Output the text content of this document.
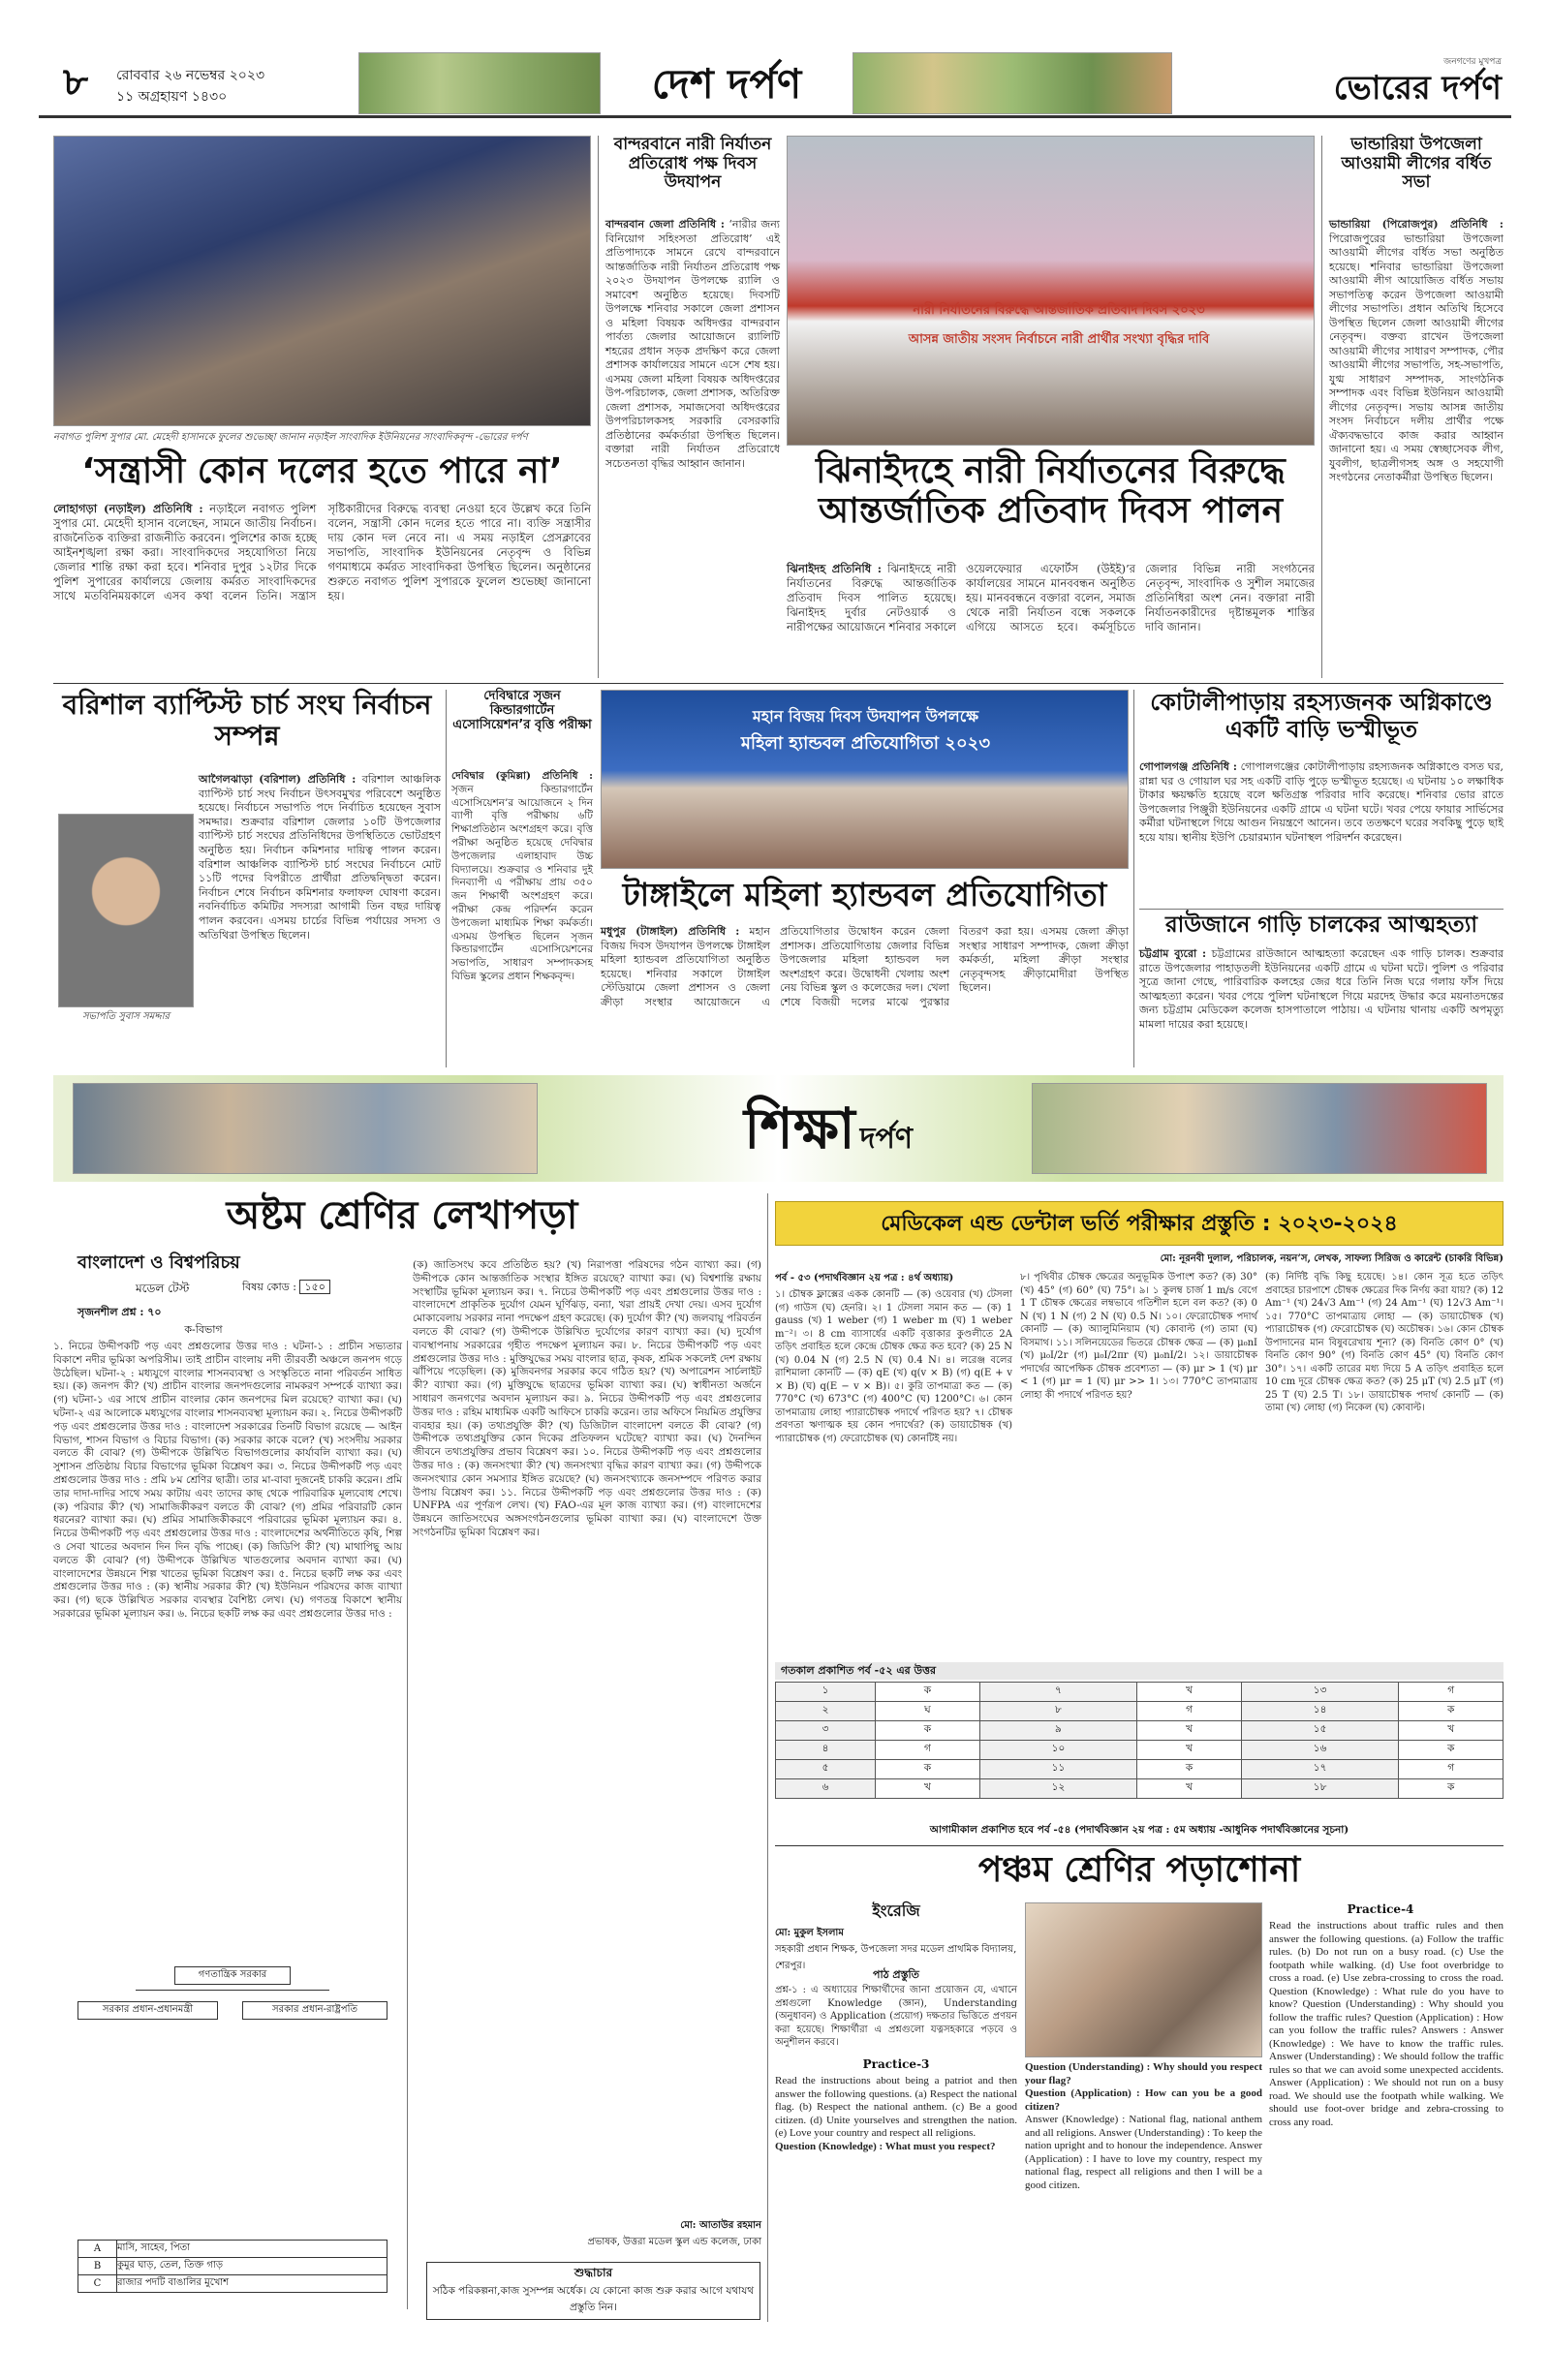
৮	রোববার ২৬ নভেম্বর ২০২৩
১১ অগ্রহায়ণ ১৪৩০	দেশ দর্পণ	জনগণের মুখপত্র
ভোরের দর্পণ
নবাগত পুলিশ সুপার মো. মেহেদী হাসানকে ফুলের শুভেচ্ছা জানান নড়াইল সাংবাদিক ইউনিয়নের সাংবাদিকবৃন্দ -ভোরের দর্পণ
‘সন্ত্রাসী কোন দলের হতে পারে না’
লোহাগড়া (নড়াইল) প্রতিনিধি : নড়াইলে নবাগত পুলিশ সুপার মো. মেহেদী হাসান বলেছেন, সামনে জাতীয় নির্বাচন। রাজনৈতিক ব্যক্তিরা রাজনীতি করবেন। পুলিশের কাজ হচ্ছে আইনশৃঙ্খলা রক্ষা করা। সাংবাদিকদের সহযোগিতা নিয়ে জেলার শান্তি রক্ষা করা হবে। শনিবার দুপুর ১২টার দিকে পুলিশ সুপারের কার্যালয়ে জেলায় কর্মরত সাংবাদিকদের সাথে মতবিনিময়কালে এসব কথা বলেন তিনি। সন্ত্রাস সৃষ্টিকারীদের বিরুদ্ধে ব্যবস্থা নেওয়া হবে উল্লেখ করে তিনি বলেন, সন্ত্রাসী কোন দলের হতে পারে না। ব্যক্তি সন্ত্রাসীর দায় কোন দল নেবে না। এ সময় নড়াইল প্রেসক্লাবের সভাপতি, সাংবাদিক ইউনিয়নের নেতৃবৃন্দ ও বিভিন্ন গণমাধ্যমে কর্মরত সাংবাদিকরা উপস্থিত ছিলেন। অনুষ্ঠানের শুরুতে নবাগত পুলিশ সুপারকে ফুলেল শুভেচ্ছা জানানো হয়।
বান্দরবানে নারী নির্যাতন প্রতিরোধ পক্ষ দিবস উদযাপন
বান্দরবান জেলা প্রতিনিধি : ‘নারীর জন্য বিনিয়োগ সহিংসতা প্রতিরোধ’ এই প্রতিপাদ্যকে সামনে রেখে বান্দরবানে আন্তর্জাতিক নারী নির্যাতন প্রতিরোধ পক্ষ ২০২৩ উদযাপন উপলক্ষে র‍্যালি ও সমাবেশ অনুষ্ঠিত হয়েছে। দিবসটি উপলক্ষে শনিবার সকালে জেলা প্রশাসন ও মহিলা বিষয়ক অধিদপ্তর বান্দরবান পার্বত্য জেলার আয়োজনে র‍্যালিটি শহরের প্রধান সড়ক প্রদক্ষিণ করে জেলা প্রশাসক কার্যালয়ের সামনে এসে শেষ হয়। এসময় জেলা মহিলা বিষয়ক অধিদপ্তরের উপ-পরিচালক, জেলা প্রশাসক, অতিরিক্ত জেলা প্রশাসক, সমাজসেবা অধিদপ্তরের উপপরিচালকসহ সরকারি বেসরকারি প্রতিষ্ঠানের কর্মকর্তারা উপস্থিত ছিলেন। বক্তারা নারী নির্যাতন প্রতিরোধে সচেতনতা বৃদ্ধির আহ্বান জানান।
নারী নির্যাতনের বিরুদ্ধে আন্তর্জাতিক প্রতিবাদ দিবস ২০২৩
আসন্ন জাতীয় সংসদ নির্বাচনে নারী প্রার্থীর সংখ্যা বৃদ্ধির দাবি
ঝিনাইদহে নারী নির্যাতনের বিরুদ্ধে আন্তর্জাতিক প্রতিবাদ দিবস পালন
ঝিনাইদহ প্রতিনিধি : ঝিনাইদহে নারী নির্যাতনের বিরুদ্ধে আন্তর্জাতিক প্রতিবাদ দিবস পালিত হয়েছে। ঝিনাইদহ দুর্বার নেটওয়ার্ক ও নারীপক্ষের আয়োজনে শনিবার সকালে ওয়েলফেয়ার এফোর্টস (উইই)’র কার্যালয়ের সামনে মানববন্ধন অনুষ্ঠিত হয়। মানববন্ধনে বক্তারা বলেন, সমাজ থেকে নারী নির্যাতন বন্ধে সকলকে এগিয়ে আসতে হবে। কর্মসূচিতে জেলার বিভিন্ন নারী সংগঠনের নেতৃবৃন্দ, সাংবাদিক ও সুশীল সমাজের প্রতিনিধিরা অংশ নেন। বক্তারা নারী নির্যাতনকারীদের দৃষ্টান্তমূলক শাস্তির দাবি জানান।
ভান্ডারিয়া উপজেলা আওয়ামী লীগের বর্ধিত সভা
ভান্ডারিয়া (পিরোজপুর) প্রতিনিধি : পিরোজপুরের ভান্ডারিয়া উপজেলা আওয়ামী লীগের বর্ধিত সভা অনুষ্ঠিত হয়েছে। শনিবার ভান্ডারিয়া উপজেলা আওয়ামী লীগ আয়োজিত বর্ধিত সভায় সভাপতিত্ব করেন উপজেলা আওয়ামী লীগের সভাপতি। প্রধান অতিথি হিসেবে উপস্থিত ছিলেন জেলা আওয়ামী লীগের নেতৃবৃন্দ। বক্তব্য রাখেন উপজেলা আওয়ামী লীগের সাধারণ সম্পাদক, পৌর আওয়ামী লীগের সভাপতি, সহ-সভাপতি, যুগ্ম সাধারণ সম্পাদক, সাংগঠনিক সম্পাদক এবং বিভিন্ন ইউনিয়ন আওয়ামী লীগের নেতৃবৃন্দ। সভায় আসন্ন জাতীয় সংসদ নির্বাচনে দলীয় প্রার্থীর পক্ষে ঐক্যবদ্ধভাবে কাজ করার আহ্বান জানানো হয়। এ সময় স্বেচ্ছাসেবক লীগ, যুবলীগ, ছাত্রলীগসহ অঙ্গ ও সহযোগী সংগঠনের নেতাকর্মীরা উপস্থিত ছিলেন।
বরিশাল ব্যাপ্টিস্ট চার্চ সংঘ নির্বাচন সম্পন্ন
সভাপতি সুবাস সমদ্দার
আগৈলঝাড়া (বরিশাল) প্রতিনিধি : বরিশাল আঞ্চলিক ব্যাপ্টিস্ট চার্চ সংঘ নির্বাচন উৎসবমুখর পরিবেশে অনুষ্ঠিত হয়েছে। নির্বাচনে সভাপতি পদে নির্বাচিত হয়েছেন সুবাস সমদ্দার। শুক্রবার বরিশাল জেলার ১০টি উপজেলার ব্যাপ্টিস্ট চার্চ সংঘের প্রতিনিধিদের উপস্থিতিতে ভোটগ্রহণ অনুষ্ঠিত হয়। নির্বাচন কমিশনার দায়িত্ব পালন করেন। বরিশাল আঞ্চলিক ব্যাপ্টিস্ট চার্চ সংঘের নির্বাচনে মোট ১১টি পদের বিপরীতে প্রার্থীরা প্রতিদ্বন্দ্বিতা করেন। নির্বাচন শেষে নির্বাচন কমিশনার ফলাফল ঘোষণা করেন। নবনির্বাচিত কমিটির সদস্যরা আগামী তিন বছর দায়িত্ব পালন করবেন। এসময় চার্চের বিভিন্ন পর্যায়ের সদস্য ও অতিথিরা উপস্থিত ছিলেন।
দেবিদ্বারে সৃজন কিন্ডারগার্টেন এসোসিয়েশন’র বৃত্তি পরীক্ষা
দেবিদ্বার (কুমিল্লা) প্রতিনিধি : সৃজন কিন্ডারগার্টেন এসোসিয়েশন’র আয়োজনে ২ দিন ব্যাপী বৃত্তি পরীক্ষায় ৬টি শিক্ষাপ্রতিষ্ঠান অংশগ্রহণ করে। বৃত্তি পরীক্ষা অনুষ্ঠিত হয়েছে দেবিদ্বার উপজেলার এলাহাবাদ উচ্চ বিদ্যালয়ে। শুক্রবার ও শনিবার দুই দিনব্যাপী এ পরীক্ষায় প্রায় ৩৫০ জন শিক্ষার্থী অংশগ্রহণ করে। পরীক্ষা কেন্দ্র পরিদর্শন করেন উপজেলা মাধ্যমিক শিক্ষা কর্মকর্তা। এসময় উপস্থিত ছিলেন সৃজন কিন্ডারগার্টেন এসোসিয়েশনের সভাপতি, সাধারণ সম্পাদকসহ বিভিন্ন স্কুলের প্রধান শিক্ষকবৃন্দ।
মহান বিজয় দিবস উদযাপন উপলক্ষে
মহিলা হ্যান্ডবল প্রতিযোগিতা ২০২৩
টাঙ্গাইলে মহিলা হ্যান্ডবল প্রতিযোগিতা
মধুপুর (টাঙ্গাইল) প্রতিনিধি : মহান বিজয় দিবস উদযাপন উপলক্ষে টাঙ্গাইল মহিলা হ্যান্ডবল প্রতিযোগিতা অনুষ্ঠিত হয়েছে। শনিবার সকালে টাঙ্গাইল স্টেডিয়ামে জেলা প্রশাসন ও জেলা ক্রীড়া সংস্থার আয়োজনে এ প্রতিযোগিতার উদ্বোধন করেন জেলা প্রশাসক। প্রতিযোগিতায় জেলার বিভিন্ন উপজেলার মহিলা হ্যান্ডবল দল অংশগ্রহণ করে। উদ্বোধনী খেলায় অংশ নেয় বিভিন্ন স্কুল ও কলেজের দল। খেলা শেষে বিজয়ী দলের মাঝে পুরস্কার বিতরণ করা হয়। এসময় জেলা ক্রীড়া সংস্থার সাধারণ সম্পাদক, জেলা ক্রীড়া কর্মকর্তা, মহিলা ক্রীড়া সংস্থার নেতৃবৃন্দসহ ক্রীড়ামোদীরা উপস্থিত ছিলেন।
কোটালীপাড়ায় রহস্যজনক অগ্নিকাণ্ডে একটি বাড়ি ভস্মীভূত
গোপালগঞ্জ প্রতিনিধি : গোপালগঞ্জের কোটালীপাড়ায় রহস্যজনক অগ্নিকাণ্ডে বসত ঘর, রান্না ঘর ও গোয়াল ঘর সহ একটি বাড়ি পুড়ে ভস্মীভূত হয়েছে। এ ঘটনায় ১০ লক্ষাধিক টাকার ক্ষয়ক্ষতি হয়েছে বলে ক্ষতিগ্রস্ত পরিবার দাবি করেছে। শনিবার ভোর রাতে উপজেলার পিঞ্জুরী ইউনিয়নের একটি গ্রামে এ ঘটনা ঘটে। খবর পেয়ে ফায়ার সার্ভিসের কর্মীরা ঘটনাস্থলে গিয়ে আগুন নিয়ন্ত্রণে আনেন। তবে ততক্ষণে ঘরের সবকিছু পুড়ে ছাই হয়ে যায়। স্থানীয় ইউপি চেয়ারম্যান ঘটনাস্থল পরিদর্শন করেছেন।
রাউজানে গাড়ি চালকের আত্মহত্যা
চট্টগ্রাম ব্যুরো : চট্টগ্রামের রাউজানে আত্মহত্যা করেছেন এক গাড়ি চালক। শুক্রবার রাতে উপজেলার পাহাড়তলী ইউনিয়নের একটি গ্রামে এ ঘটনা ঘটে। পুলিশ ও পরিবার সূত্রে জানা গেছে, পারিবারিক কলহের জের ধরে তিনি নিজ ঘরে গলায় ফাঁস দিয়ে আত্মহত্যা করেন। খবর পেয়ে পুলিশ ঘটনাস্থলে গিয়ে মরদেহ উদ্ধার করে ময়নাতদন্তের জন্য চট্টগ্রাম মেডিকেল কলেজ হাসপাতালে পাঠায়। এ ঘটনায় থানায় একটি অপমৃত্যু মামলা দায়ের করা হয়েছে।
শিক্ষা দর্পণ
অষ্টম শ্রেণির লেখাপড়া
বাংলাদেশ ও বিশ্বপরিচয়
মডেল টেস্ট	বিষয় কোড : ১৫০
সৃজনশীল প্রশ্ন : ৭০
ক-বিভাগ
১. নিচের উদ্দীপকটি পড় এবং প্রশ্নগুলোর উত্তর দাও : ঘটনা-১ : প্রাচীন সভ্যতার বিকাশে নদীর ভূমিকা অপরিসীম। তাই প্রাচীন বাংলায় নদী তীরবর্তী অঞ্চলে জনপদ গড়ে উঠেছিল। ঘটনা-২ : মধ্যযুগে বাংলার শাসনব্যবস্থা ও সংস্কৃতিতে নানা পরিবর্তন সাধিত হয়। (ক) জনপদ কী? (খ) প্রাচীন বাংলার জনপদগুলোর নামকরণ সম্পর্কে ব্যাখ্যা কর। (গ) ঘটনা-১ এর সাথে প্রাচীন বাংলার কোন জনপদের মিল রয়েছে? ব্যাখ্যা কর। (ঘ) ঘটনা-২ এর আলোকে মধ্যযুগের বাংলার শাসনব্যবস্থা মূল্যায়ন কর। ২. নিচের উদ্দীপকটি পড় এবং প্রশ্নগুলোর উত্তর দাও : বাংলাদেশ সরকারের তিনটি বিভাগ রয়েছে — আইন বিভাগ, শাসন বিভাগ ও বিচার বিভাগ। (ক) সরকার কাকে বলে? (খ) সংসদীয় সরকার বলতে কী বোঝ? (গ) উদ্দীপকে উল্লিখিত বিভাগগুলোর কার্যাবলি ব্যাখ্যা কর। (ঘ) সুশাসন প্রতিষ্ঠায় বিচার বিভাগের ভূমিকা বিশ্লেষণ কর। ৩. নিচের উদ্দীপকটি পড় এবং প্রশ্নগুলোর উত্তর দাও : প্রমি ৮ম শ্রেণির ছাত্রী। তার মা-বাবা দুজনেই চাকরি করেন। প্রমি তার দাদা-দাদির সাথে সময় কাটায় এবং তাদের কাছ থেকে পারিবারিক মূল্যবোধ শেখে। (ক) পরিবার কী? (খ) সামাজিকীকরণ বলতে কী বোঝ? (গ) প্রমির পরিবারটি কোন ধরনের? ব্যাখ্যা কর। (ঘ) প্রমির সামাজিকীকরণে পরিবারের ভূমিকা মূল্যায়ন কর। ৪. নিচের উদ্দীপকটি পড় এবং প্রশ্নগুলোর উত্তর দাও : বাংলাদেশের অর্থনীতিতে কৃষি, শিল্প ও সেবা খাতের অবদান দিন দিন বৃদ্ধি পাচ্ছে। (ক) জিডিপি কী? (খ) মাথাপিছু আয় বলতে কী বোঝ? (গ) উদ্দীপকে উল্লিখিত খাতগুলোর অবদান ব্যাখ্যা কর। (ঘ) বাংলাদেশের উন্নয়নে শিল্প খাতের ভূমিকা বিশ্লেষণ কর। ৫. নিচের ছকটি লক্ষ কর এবং প্রশ্নগুলোর উত্তর দাও : (ক) স্থানীয় সরকার কী? (খ) ইউনিয়ন পরিষদের কাজ ব্যাখ্যা কর। (গ) ছকে উল্লিখিত সরকার ব্যবস্থার বৈশিষ্ট্য লেখ। (ঘ) গণতন্ত্র বিকাশে স্থানীয় সরকারের ভূমিকা মূল্যায়ন কর। ৬. নিচের ছকটি লক্ষ কর এবং প্রশ্নগুলোর উত্তর দাও :
গণতান্ত্রিক সরকার
সরকার প্রধান-প্রধানমন্ত্রী	সরকার প্রধান-রাষ্ট্রপতি
A	মাসি, সাহেব, পিতা
B	কুমুর ঘাড়, তেল, তিক্ত গাড়
C	রাজার পদটি বাঙালির মুখোশ
(ক) জাতিসংঘ কবে প্রতিষ্ঠিত হয়? (খ) নিরাপত্তা পরিষদের গঠন ব্যাখ্যা কর। (গ) উদ্দীপকে কোন আন্তর্জাতিক সংস্থার ইঙ্গিত রয়েছে? ব্যাখ্যা কর। (ঘ) বিশ্বশান্তি রক্ষায় সংস্থাটির ভূমিকা মূল্যায়ন কর। ৭. নিচের উদ্দীপকটি পড় এবং প্রশ্নগুলোর উত্তর দাও : বাংলাদেশে প্রাকৃতিক দুর্যোগ যেমন ঘূর্ণিঝড়, বন্যা, খরা প্রায়ই দেখা দেয়। এসব দুর্যোগ মোকাবেলায় সরকার নানা পদক্ষেপ গ্রহণ করেছে। (ক) দুর্যোগ কী? (খ) জলবায়ু পরিবর্তন বলতে কী বোঝ? (গ) উদ্দীপকে উল্লিখিত দুর্যোগের কারণ ব্যাখ্যা কর। (ঘ) দুর্যোগ ব্যবস্থাপনায় সরকারের গৃহীত পদক্ষেপ মূল্যায়ন কর। ৮. নিচের উদ্দীপকটি পড় এবং প্রশ্নগুলোর উত্তর দাও : মুক্তিযুদ্ধের সময় বাংলার ছাত্র, কৃষক, শ্রমিক সকলেই দেশ রক্ষায় ঝাঁপিয়ে পড়েছিল। (ক) মুজিবনগর সরকার কবে গঠিত হয়? (খ) অপারেশন সার্চলাইট কী? ব্যাখ্যা কর। (গ) মুক্তিযুদ্ধে ছাত্রদের ভূমিকা ব্যাখ্যা কর। (ঘ) স্বাধীনতা অর্জনে সাধারণ জনগণের অবদান মূল্যায়ন কর। ৯. নিচের উদ্দীপকটি পড় এবং প্রশ্নগুলোর উত্তর দাও : রহিম মাধ্যমিক একটি আফিসে চাকরি করেন। তার অফিসে নিয়মিত প্রযুক্তির ব্যবহার হয়। (ক) তথ্যপ্রযুক্তি কী? (খ) ডিজিটাল বাংলাদেশ বলতে কী বোঝ? (গ) উদ্দীপকে তথ্যপ্রযুক্তির কোন দিকের প্রতিফলন ঘটেছে? ব্যাখ্যা কর। (ঘ) দৈনন্দিন জীবনে তথ্যপ্রযুক্তির প্রভাব বিশ্লেষণ কর। ১০. নিচের উদ্দীপকটি পড় এবং প্রশ্নগুলোর উত্তর দাও : (ক) জনসংখ্যা কী? (খ) জনসংখ্যা বৃদ্ধির কারণ ব্যাখ্যা কর। (গ) উদ্দীপকে জনসংখ্যার কোন সমস্যার ইঙ্গিত রয়েছে? (ঘ) জনসংখ্যাকে জনসম্পদে পরিণত করার উপায় বিশ্লেষণ কর। ১১. নিচের উদ্দীপকটি পড় এবং প্রশ্নগুলোর উত্তর দাও : (ক) UNFPA এর পূর্ণরূপ লেখ। (খ) FAO-এর মূল কাজ ব্যাখ্যা কর। (গ) বাংলাদেশের উন্নয়নে জাতিসংঘের অঙ্গসংগঠনগুলোর ভূমিকা ব্যাখ্যা কর। (ঘ) বাংলাদেশে উক্ত সংগঠনটির ভূমিকা বিশ্লেষণ কর।
মো: আতাউর রহমান
প্রভাষক, উত্তরা মডেল স্কুল এন্ড কলেজ, ঢাকা
শুদ্ধাচার
সঠিক পরিকল্পনা,কাজ সুসম্পন্ন অর্ধেক। যে কোনো কাজ শুরু করার আগে যথাযথ প্রস্তুতি নিন।
মেডিকেল এন্ড ডেন্টাল ভর্তি পরীক্ষার প্রস্তুতি : ২০২৩-২০২৪
মো: নূরনবী দুলাল, পরিচালক, নয়ন’স, লেখক, সাফল্য সিরিজ ও কারেন্ট (চাকরি বিভিন্ন)
পর্ব - ৫৩ (পদার্থবিজ্ঞান ২য় পত্র : ৪র্থ অধ্যায়)
১। চৌম্বক ফ্লাক্সের একক কোনটি — (ক) ওয়েবার (খ) টেসলা (গ) গাউস (ঘ) হেনরি। ২। 1 টেসলা সমান কত — (ক) 1 gauss (খ) 1 weber (গ) 1 weber m (ঘ) 1 weber m⁻²। ৩। 8 cm ব্যাসার্ধের একটি বৃত্তাকার কুণ্ডলীতে 2A তড়িৎ প্রবাহিত হলে কেন্দ্রে চৌম্বক ক্ষেত্র কত হবে? (ক) 25 N (খ) 0.04 N (গ) 2.5 N (ঘ) 0.4 N। ৪। লরেঞ্জ বলের রাশিমালা কোনটি — (ক) qE (খ) q(v × B) (গ) q(E + v × B) (ঘ) q(E − v × B)। ৫। কুরি তাপমাত্রা কত — (ক) 770°C (খ) 673°C (গ) 400°C (ঘ) 1200°C। ৬। কোন তাপমাত্রায় লোহা প্যারাচৌম্বক পদার্থে পরিণত হয়? ৭। চৌম্বক প্রবণতা ঋণাত্মক হয় কোন পদার্থের? (ক) ডায়াচৌম্বক (খ) প্যারাচৌম্বক (গ) ফেরোচৌম্বক (ঘ) কোনটিই নয়।
৮। পৃথিবীর চৌম্বক ক্ষেত্রের অনুভূমিক উপাংশ কত? (ক) 30° (খ) 45° (গ) 60° (ঘ) 75°। ৯। ১ কুলম্ব চার্জ 1 m/s বেগে 1 T চৌম্বক ক্ষেত্রের লম্বভাবে গতিশীল হলে বল কত? (ক) 0 N (খ) 1 N (গ) 2 N (ঘ) 0.5 N। ১০। ফেরোচৌম্বক পদার্থ কোনটি — (ক) অ্যালুমিনিয়াম (খ) কোবাল্ট (গ) তামা (ঘ) বিসমাথ। ১১। সলিনয়েডের ভিতরে চৌম্বক ক্ষেত্র — (ক) μ₀nI (খ) μ₀I/2r (গ) μ₀I/2πr (ঘ) μ₀nI/2। ১২। ডায়াচৌম্বক পদার্থের আপেক্ষিক চৌম্বক প্রবেশ্যতা — (ক) μr > 1 (খ) μr < 1 (গ) μr = 1 (ঘ) μr >> 1। ১৩। 770°C তাপমাত্রায় লোহা কী পদার্থে পরিণত হয়?
(ক) নির্দিষ্ট বৃদ্ধি কিছু হয়েছে। ১৪। কোন সূত্র হতে তড়িৎ প্রবাহের চারপাশে চৌম্বক ক্ষেত্রের দিক নির্ণয় করা যায়? (ক) 12 Am⁻¹ (খ) 24√3 Am⁻¹ (গ) 24 Am⁻¹ (ঘ) 12√3 Am⁻¹। ১৫। 770°C তাপমাত্রায় লোহা — (ক) ডায়াচৌম্বক (খ) প্যারাচৌম্বক (গ) ফেরোচৌম্বক (ঘ) অচৌম্বক। ১৬। কোন চৌম্বক উপাদানের মান বিষুবরেখায় শূন্য? (ক) বিনতি কোণ 0° (খ) বিনতি কোণ 90° (গ) বিনতি কোণ 45° (ঘ) বিনতি কোণ 30°। ১৭। একটি তারের মধ্য দিয়ে 5 A তড়িৎ প্রবাহিত হলে 10 cm দূরে চৌম্বক ক্ষেত্র কত? (ক) 25 μT (খ) 2.5 μT (গ) 25 T (ঘ) 2.5 T। ১৮। ডায়াচৌম্বক পদার্থ কোনটি — (ক) তামা (খ) লোহা (গ) নিকেল (ঘ) কোবাল্ট।
গতকাল প্রকাশিত পর্ব -৫২ এর উত্তর
১	ক	৭	খ	১৩	গ
২	ঘ	৮	গ	১৪	ক
৩	ক	৯	খ	১৫	খ
৪	গ	১০	খ	১৬	ক
৫	ক	১১	ক	১৭	গ
৬	খ	১২	খ	১৮	ক
আগামীকাল প্রকাশিত হবে পর্ব -৫৪ (পদার্থবিজ্ঞান ২য় পত্র : ৫ম অধ্যায় -আধুনিক পদার্থবিজ্ঞানের সূচনা)
পঞ্চম শ্রেণির পড়াশোনা
ইংরেজি
মো: মুকুল ইসলাম
সহকারী প্রধান শিক্ষক, উপজেলা সদর মডেল প্রাথমিক বিদ্যালয়, শেরপুর।
পাঠ প্রস্তুতি
প্রশ্ন-১ : এ অধ্যায়ের শিক্ষার্থীদের জানা প্রয়োজন যে, এখানে প্রশ্নগুলো Knowledge (জ্ঞান), Understanding (অনুধাবন) ও Application (প্রয়োগ) দক্ষতার ভিত্তিতে প্রণয়ন করা হয়েছে। শিক্ষার্থীরা এ প্রশ্নগুলো যত্নসহকারে পড়বে ও অনুশীলন করবে।
Practice-3
Read the instructions about being a patriot and then answer the following questions. (a) Respect the national flag. (b) Respect the national anthem. (c) Be a good citizen. (d) Unite yourselves and strengthen the nation. (e) Love your country and respect all religions.
Question (Knowledge) : What must you respect?
Question (Understanding) : Why should you respect your flag?
Question (Application) : How can you be a good citizen?
Answer (Knowledge) : National flag, national anthem and all religions. Answer (Understanding) : To keep the nation upright and to honour the independence. Answer (Application) : I have to love my country, respect my national flag, respect all religions and then I will be a good citizen.
Practice-4
Read the instructions about traffic rules and then answer the following questions. (a) Follow the traffic rules. (b) Do not run on a busy road. (c) Use the footpath while walking. (d) Use foot overbridge to cross a road. (e) Use zebra-crossing to cross the road. Question (Knowledge) : What rule do you have to know? Question (Understanding) : Why should you follow the traffic rules? Question (Application) : How can you follow the traffic rules? Answers : Answer (Knowledge) : We have to know the traffic rules. Answer (Understanding) : We should follow the traffic rules so that we can avoid some unexpected accidents. Answer (Application) : We should not run on a busy road. We should use the footpath while walking. We should use foot-over bridge and zebra-crossing to cross any road.
